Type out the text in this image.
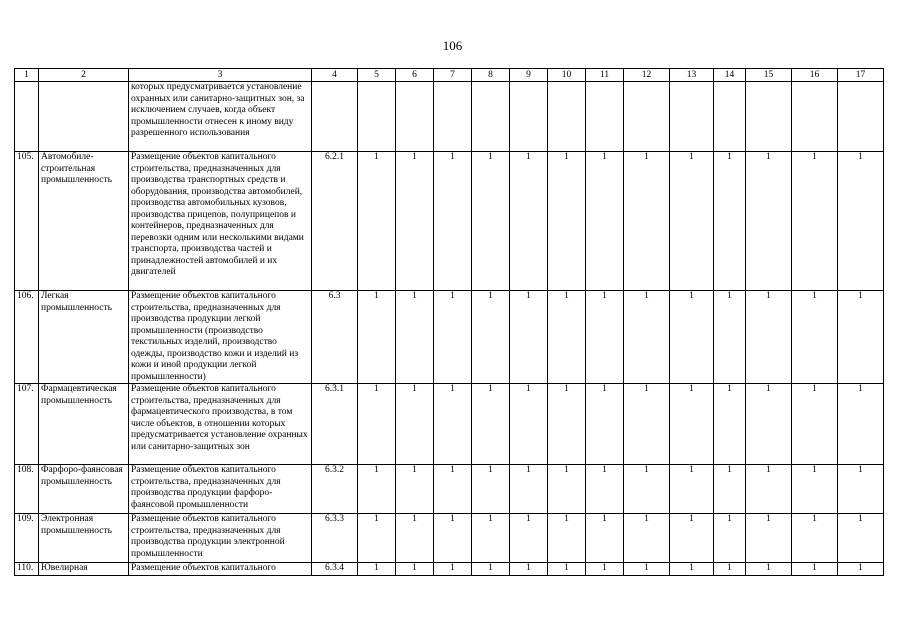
106
1	2	3	4	5	6	7	8	9	10	11	12	13	14	15	16	17
		которых предусматривается установление охранных или санитарно-защитных зон, за исключением случаев, когда объект промышленности отнесен к иному виду разрешенного использования														
105.	Автомобиле-строительная промышленность	Размещение объектов капитального строительства, предназначенных для производства транспортных средств и оборудования, производства автомобилей, производства автомобильных кузовов, производства прицепов, полуприцепов и контейнеров, предназначенных для перевозки одним или несколькими видами транспорта, производства частей и принадлежностей автомобилей и их двигателей	6.2.1	1	1	1	1	1	1	1	1	1	1	1	1	1
106.	Легкая промышленность	Размещение объектов капитального строительства, предназначенных для производства продукции легкой промышленности (производство текстильных изделий, производство одежды, производство кожи и изделий из кожи и иной продукции легкой промышленности)	6.3	1	1	1	1	1	1	1	1	1	1	1	1	1
107.	Фармацевтическая промышленность	Размещение объектов капитального строительства, предназначенных для фармацевтического производства, в том числе объектов, в отношении которых предусматривается установление охранных или санитарно-защитных зон	6.3.1	1	1	1	1	1	1	1	1	1	1	1	1	1
108.	Фарфоро-фаянсовая промышленность	Размещение объектов капитального строительства, предназначенных для производства продукции фарфоро-фаянсовой промышленности	6.3.2	1	1	1	1	1	1	1	1	1	1	1	1	1
109.	Электронная промышленность	Размещение объектов капитального строительства, предназначенных для производства продукции электронной промышленности	6.3.3	1	1	1	1	1	1	1	1	1	1	1	1	1
110.	Ювелирная	Размещение объектов капитального	6.3.4	1	1	1	1	1	1	1	1	1	1	1	1	1
